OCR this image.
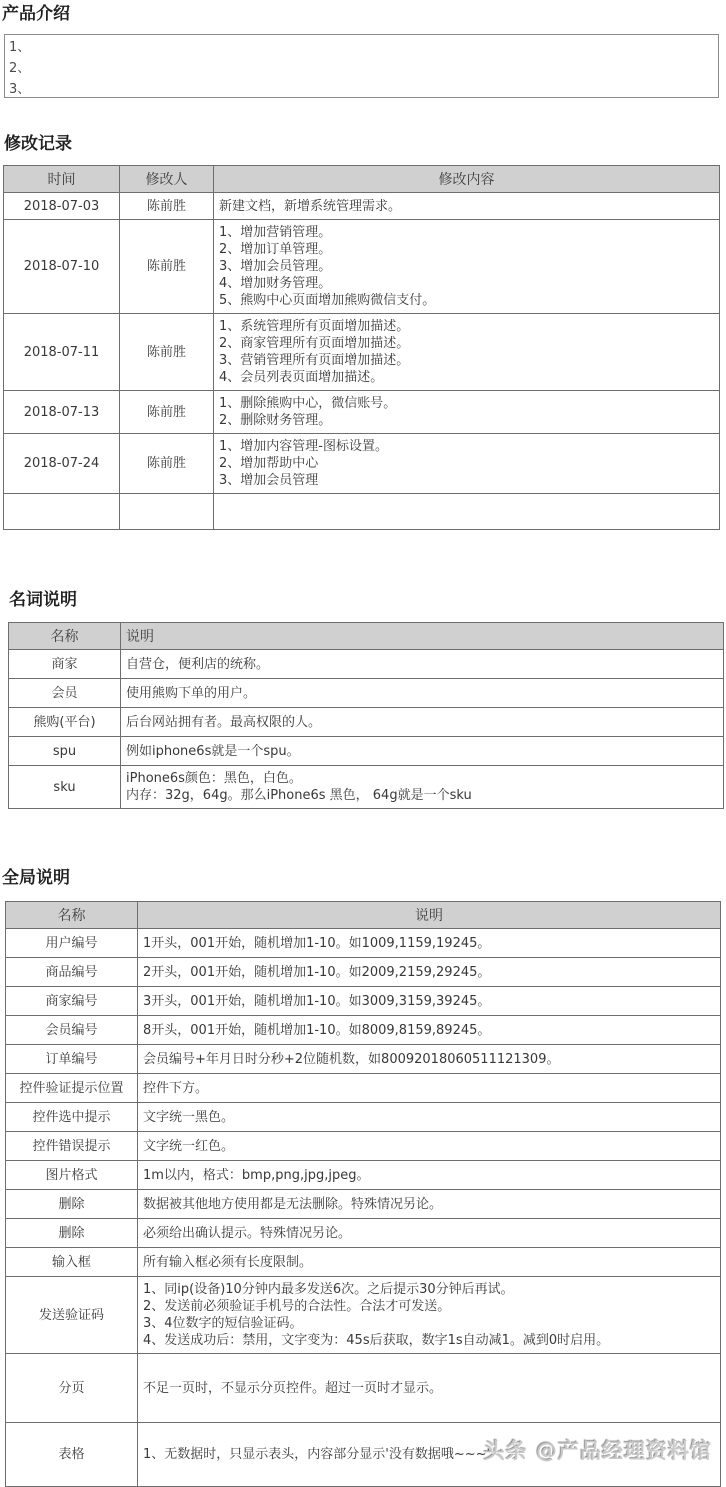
产品介绍
1、
2、
3、
修改记录
时间	修改人	修改内容
2018-07-03	陈前胜	新建文档，新增系统管理需求。

2018-07-10	陈前胜	1、增加营销管理。
2、增加订单管理。
3、增加会员管理。
4、增加财务管理。
5、熊购中心页面增加熊购微信支付。

2018-07-11	陈前胜	1、系统管理所有页面增加描述。
2、商家管理所有页面增加描述。
3、营销管理所有页面增加描述。
4、会员列表页面增加描述。

2018-07-13	陈前胜	1、删除熊购中心，微信账号。
2、删除财务管理。

2018-07-24	陈前胜	1、增加内容管理-图标设置。
2、增加帮助中心
3、增加会员管理

名词说明
名称	说明
商家	自营仓，便利店的统称。

会员	使用熊购下单的用户。

熊购(平台)	后台网站拥有者。最高权限的人。

spu	例如iphone6s就是一个spu。

sku	iPhone6s颜色：黑色，白色。
内存：32g，64g。那么iPhone6s 黑色， 64g就是一个sku
全局说明
名称	说明
用户编号	1开头，001开始，随机增加1-10。如1009,1159,19245。

商品编号	2开头，001开始，随机增加1-10。如2009,2159,29245。

商家编号	3开头，001开始，随机增加1-10。如3009,3159,39245。

会员编号	8开头，001开始，随机增加1-10。如8009,8159,89245。

订单编号	会员编号+年月日时分秒+2位随机数，如80092018060511121309。

控件验证提示位置	控件下方。

控件选中提示	文字统一黑色。

控件错误提示	文字统一红色。

图片格式	1m以内，格式：bmp,png,jpg,jpeg。

删除	数据被其他地方使用都是无法删除。特殊情况另论。

删除	必须给出确认提示。特殊情况另论。

输入框	所有输入框必须有长度限制。

发送验证码	1、同ip(设备)10分钟内最多发送6次。之后提示30分钟后再试。
2、发送前必须验证手机号的合法性。合法才可发送。
3、4位数字的短信验证码。
4、发送成功后：禁用，文字变为：45s后获取，数字1s自动减1。减到0时启用。

分页	不足一页时，不显示分页控件。超过一页时才显示。

表格	1、无数据时，只显示表头，内容部分显示'没有数据哦~~~'
头条 @产品经理资料馆
